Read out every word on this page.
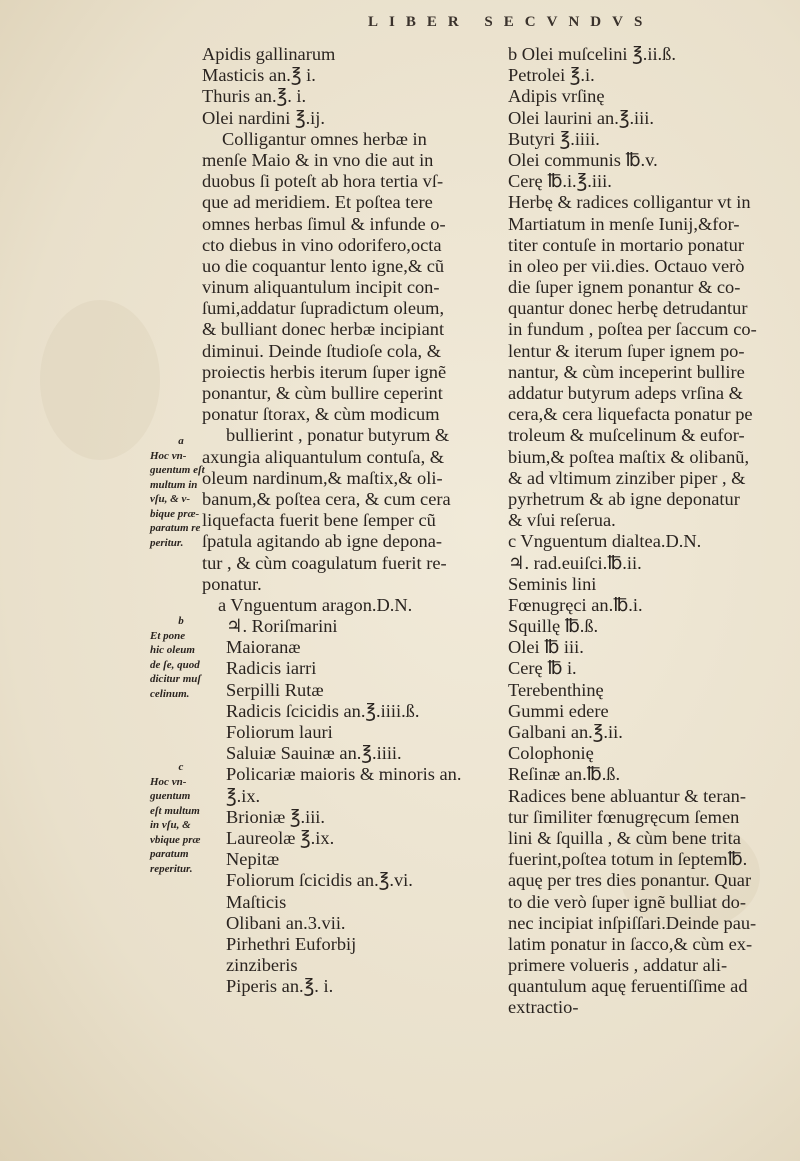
LIBER SECVNDVS
Apidis gallinarum
Masticis an.℥ i.
Thuris an.℥. i.
Olei nardini ℥.ij.
Colligantur omnes herbæ in
menſe Maio & in vno die aut in
duobus ſi poteſt ab hora tertia vſ-
que ad meridiem. Et poſtea tere
omnes herbas ſimul & infunde o-
cto diebus in vino odorifero,octa
uo die coquantur lento igne,& cũ
vinum aliquantulum incipit con-
ſumi,addatur ſupradictum oleum,
& bulliant donec herbæ incipiant
diminui. Deinde ſtudioſe cola, &
proiectis herbis iterum ſuper ignẽ
ponantur, & cùm bullire ceperint
ponatur ſtorax, & cùm modicum
bullierint , ponatur butyrum &
axungia aliquantulum contuſa, &
oleum nardinum,& maſtix,& oli-
banum,& poſtea cera, & cum cera
liquefacta fuerit bene ſemper cũ
ſpatula agitando ab igne depona-
tur , & cùm coagulatum fuerit re-
ponatur.
a Vnguentum aragon.D.N.
♃. Roriſmarini
Maioranæ
Radicis iarri
Serpilli Rutæ
Radicis ſcicidis an.℥.iiii.ß.
Foliorum lauri
Saluiæ Sauinæ an.℥.iiii.
Policariæ maioris & minoris an.
℥.ix.
Brioniæ ℥.iii.
Laureolæ ℥.ix.
Nepitæ
Foliorum ſcicidis an.℥.vi.
Maſticis
Olibani an.3.vii.
Pirhethri Euforbij
zinziberis
Piperis an.℥. i.
b Olei muſcelini ℥.ii.ß.
Petrolei ℥.i.
Adipis vrſinę
Olei laurini an.℥.iii.
Butyri ℥.iiii.
Olei communis ℔.v.
Cerę ℔.i.℥.iii.
Herbę & radices colligantur vt in
Martiatum in menſe Iunij,&for-
titer contuſe in mortario ponatur
in oleo per vii.dies. Octauo verò
die ſuper ignem ponantur & co-
quantur donec herbę detrudantur
in fundum , poſtea per ſaccum co-
lentur & iterum ſuper ignem po-
nantur, & cùm inceperint bullire
addatur butyrum adeps vrſina &
cera,& cera liquefacta ponatur pe
troleum & muſcelinum & eufor-
bium,& poſtea maſtix & olibanũ,
& ad vltimum zinziber piper , &
pyrhetrum & ab igne deponatur
& vſui reſerua.
c Vnguentum dialtea.D.N.
♃. rad.euiſci.℔.ii.
Seminis lini
Fœnugręci an.℔.i.
Squillę ℔.ß.
Olei ℔ iii.
Cerę ℔ i.
Terebenthinę
Gummi edere
Galbani an.℥.ii.
Colophonię
Reſinæ an.℔.ß.
Radices bene abluantur & teran-
tur ſimiliter fœnugręcum ſemen
lini & ſquilla , & cùm bene trita
fuerint,poſtea totum in ſeptem℔.
aquę per tres dies ponantur. Quar
to die verò ſuper ignẽ bulliat do-
nec incipiat inſpiſſari.Deinde pau-
latim ponatur in ſacco,& cùm ex-
primere volueris , addatur ali-
quantulum aquę feruentiſſime ad
extractio-
a
Hoc vn-
guentum eſt
multum in
vſu, & v-
bique præ-
paratum re
peritur.
b
Et pone
hic oleum
de ſe, quod
dicitur muſ
celinum.
c
Hoc vn-
guentum
eſt multum
in vſu, &
vbique præ
paratum
reperitur.
